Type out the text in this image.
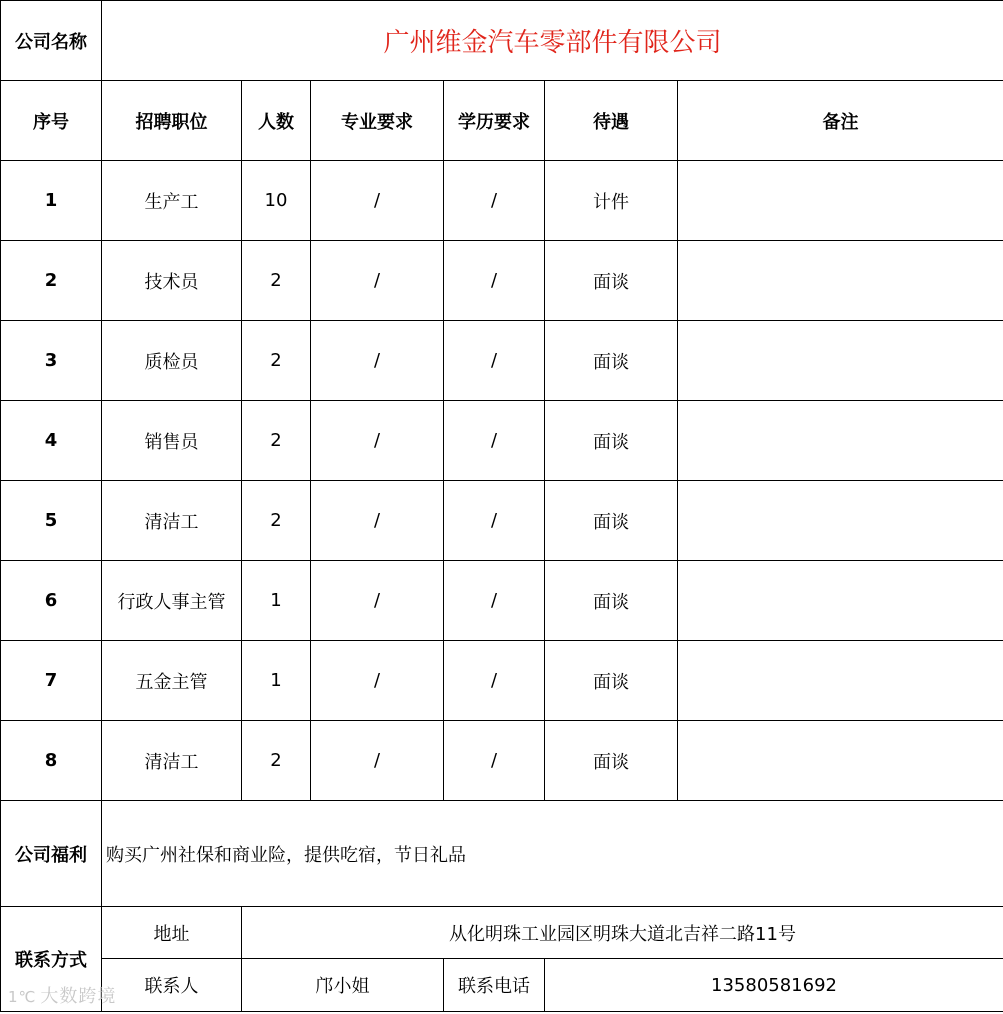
公司名称	广州维金汽车零部件有限公司					
序号	招聘职位	人数	专业要求	学历要求	待遇	备注
1	生产工	10	/	/	计件	
2	技术员	2	/	/	面谈	
3	质检员	2	/	/	面谈	
4	销售员	2	/	/	面谈	
5	清洁工	2	/	/	面谈	
6	行政人事主管	1	/	/	面谈	
7	五金主管	1	/	/	面谈	
8	清洁工	2	/	/	面谈	
公司福利	购买广州社保和商业险，提供吃宿，节日礼品					
联系方式	地址	从化明珠工业园区明珠大道北吉祥二路11号				
	联系人	邝小姐		联系电话	13580581692	
1℃ 大数跨境
